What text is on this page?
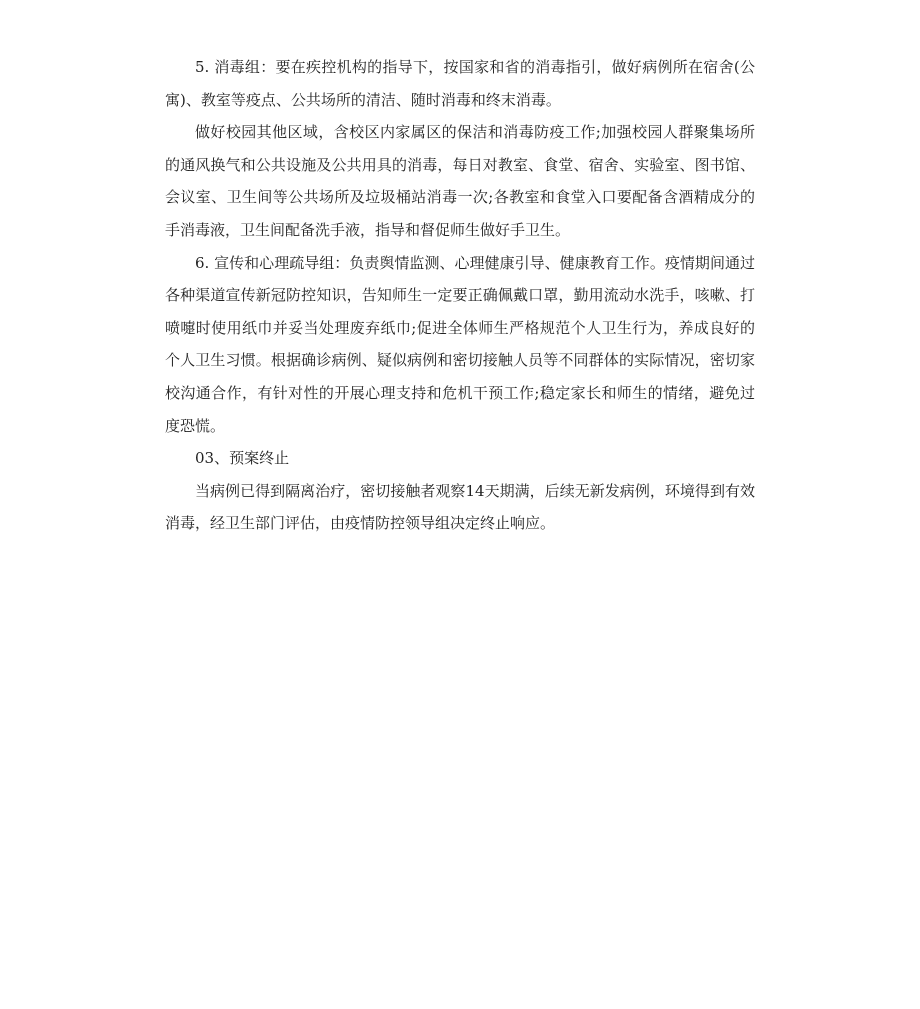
5. 消毒组：要在疾控机构的指导下，按国家和省的消毒指引，做好病例所在宿舍(公寓)、教室等疫点、公共场所的清洁、随时消毒和终末消毒。

做好校园其他区域，含校区内家属区的保洁和消毒防疫工作;加强校园人群聚集场所的通风换气和公共设施及公共用具的消毒，每日对教室、食堂、宿舍、实验室、图书馆、会议室、卫生间等公共场所及垃圾桶站消毒一次;各教室和食堂入口要配备含酒精成分的手消毒液，卫生间配备洗手液，指导和督促师生做好手卫生。

6. 宣传和心理疏导组：负责舆情监测、心理健康引导、健康教育工作。疫情期间通过各种渠道宣传新冠防控知识，告知师生一定要正确佩戴口罩，勤用流动水洗手，咳嗽、打喷嚏时使用纸巾并妥当处理废弃纸巾;促进全体师生严格规范个人卫生行为，养成良好的个人卫生习惯。根据确诊病例、疑似病例和密切接触人员等不同群体的实际情况，密切家校沟通合作，有针对性的开展心理支持和危机干预工作;稳定家长和师生的情绪，避免过度恐慌。

03、预案终止

当病例已得到隔离治疗，密切接触者观察14天期满，后续无新发病例，环境得到有效消毒，经卫生部门评估，由疫情防控领导组决定终止响应。
